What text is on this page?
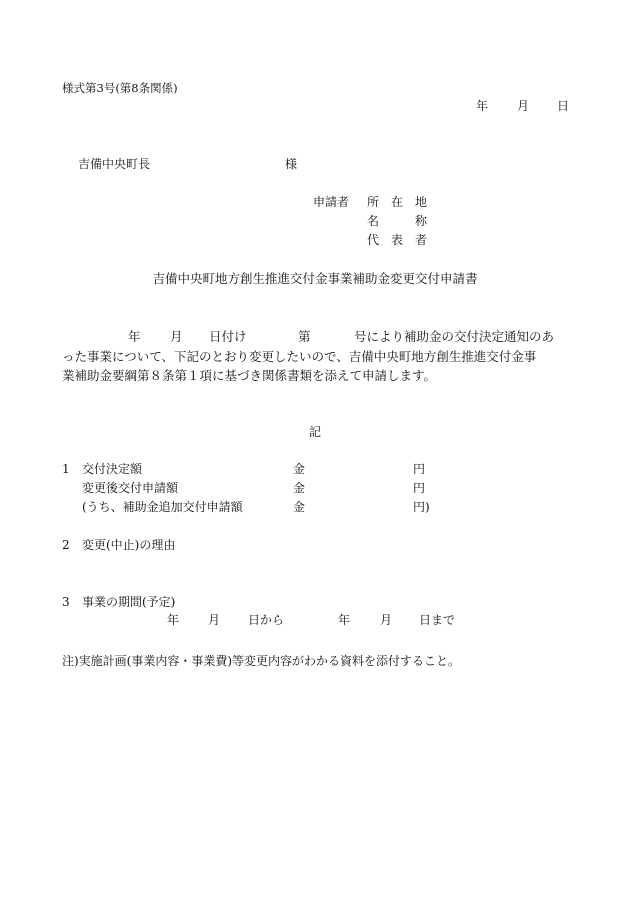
様式第3号(第8条関係)
年 月 日
吉備中央町長	様
申請者 所　在　地
名　　　称
代　表　者
吉備中央町地方創生推進交付金事業補助金変更交付申請書
年 月 日付け	第	号により補助金の交付決定通知のあ
った事業について、下記のとおり変更したいので、吉備中央町地方創生推進交付金事
業補助金要綱第８条第１項に基づき関係書類を添えて申請します。
記
1 交付決定額	金	円
変更後交付申請額	金	円
(うち、補助金追加交付申請額	金	円)
2 変更(中止)の理由
3 事業の期間(予定)
年 月 日から	年 月 日まで
注)実施計画(事業内容・事業費)等変更内容がわかる資料を添付すること。
